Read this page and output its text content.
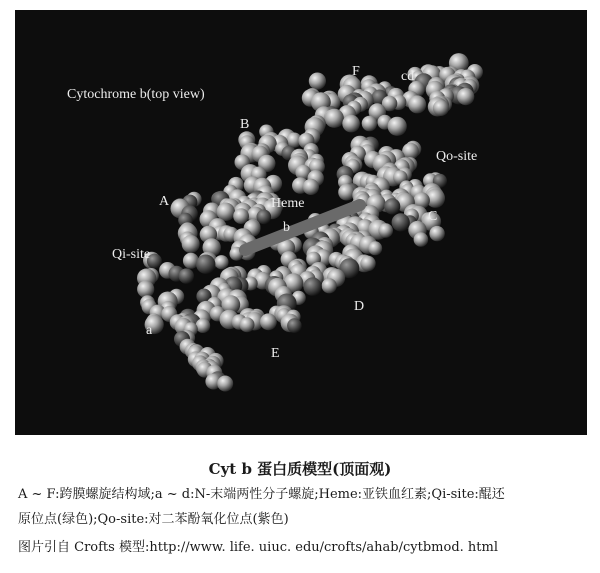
Cytochrome b(top view)
B
F	cd
Qo-site
A	Heme
b
C
Qi-site
D
a
E
Cyt b 蛋白质模型(顶面观)
A ~ F:跨膜螺旋结构域;a ~ d:N-末端两性分子螺旋;Heme:亚铁血红素;Qi-site:醌还
原位点(绿色);Qo-site:对二苯酚氧化位点(紫色)
图片引自 Crofts 模型:http://www. life. uiuc. edu/crofts/ahab/cytbmod. html
